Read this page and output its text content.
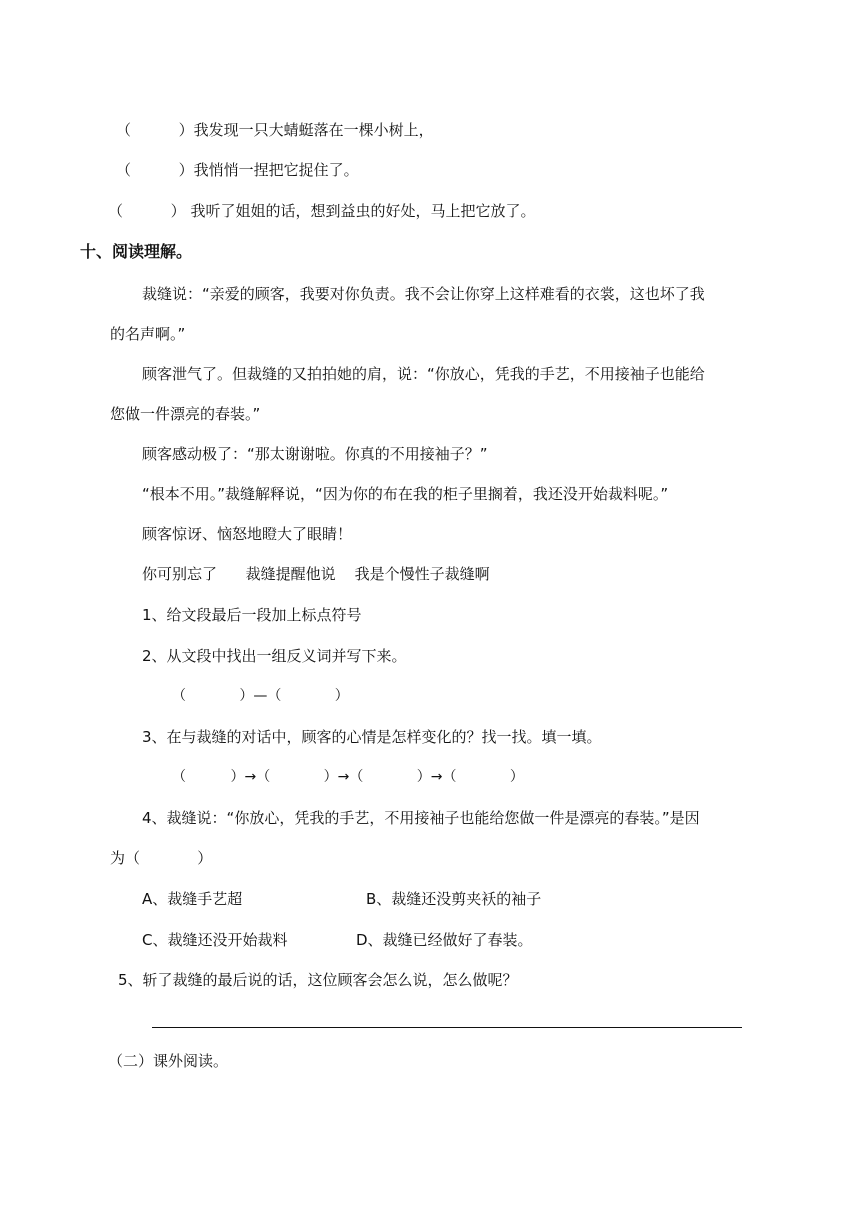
（          ）我发现一只大蜻蜓落在一棵小树上，
（          ）我悄悄一捏把它捉住了。
（          ） 我听了姐姐的话，想到益虫的好处，马上把它放了。
十、阅读理解。
裁缝说：“亲爱的顾客，我要对你负责。我不会让你穿上这样难看的衣裳，这也坏了我
的名声啊。”
顾客泄气了。但裁缝的又拍拍她的肩，说：“你放心，凭我的手艺，不用接袖子也能给
您做一件漂亮的春装。”
顾客感动极了：“那太谢谢啦。你真的不用接袖子？”
“根本不用。”裁缝解释说，“因为你的布在我的柜子里搁着，我还没开始裁料呢。”
顾客惊讶、恼怒地瞪大了眼睛！
你可别忘了      裁缝提醒他说    我是个慢性子裁缝啊
1、给文段最后一段加上标点符号
2、从文段中找出一组反义词并写下来。
（            ）—（            ）
3、在与裁缝的对话中，顾客的心情是怎样变化的？找一找。填一填。
（          ）→（            ）→（            ）→（            ）
4、裁缝说：“你放心，凭我的手艺，不用接袖子也能给您做一件是漂亮的春装。”是因
为（            ）
A、裁缝手艺超	B、裁缝还没剪夹袄的袖子
C、裁缝还没开始裁料	D、裁缝已经做好了春装。
5、斩了裁缝的最后说的话，这位顾客会怎么说，怎么做呢？
（二）课外阅读。
